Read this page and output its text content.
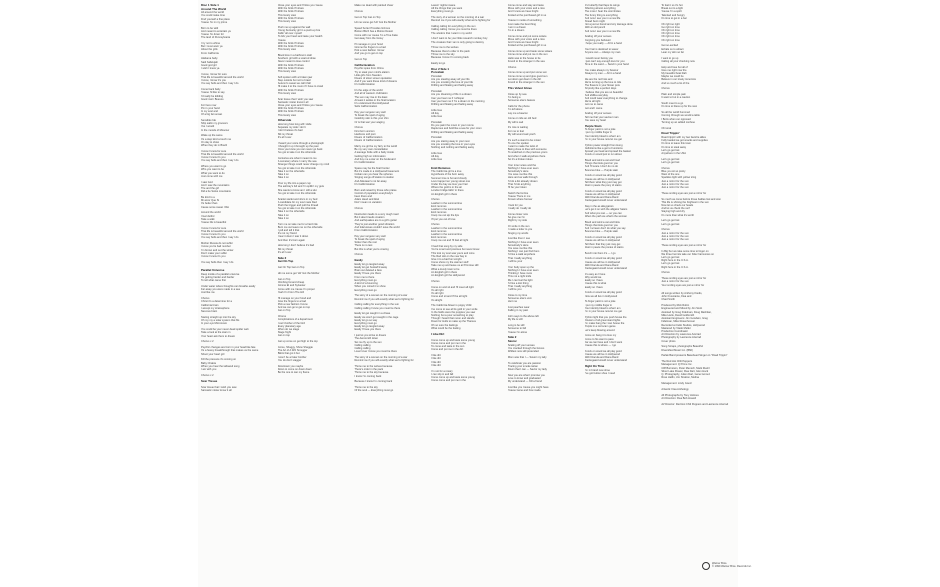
Disc 1 Side 1

Around The World

All around the world

You could make time

Find yourself a fine place

'Cause I'm in my prime

Born to be wild

And meant to entertain ya

'Cause I'm down for

The land of Pennsylvania

I try not to whine

But I must warn ya

About the girls

From California

Alabama baby

Said hallelujah

Good god girl

I wish I knew ya

I know, I know for sure

That life is beautiful around the world

I know, I know it's you

You say hello and then I say I do

Come back baby

'Cause I'd like to say

I'd really be kidding

Good morn Buenos

For here now

Pin in your hand

In my soul and

Of a big fat sunset

Sensible ride

Ship sailin my groovers

Yes I would

In the moods of Moscow

Wake up the same

It's a step kind a touch me

On day to show

When they do in Brazil

I know I know for sure

That life is beautiful around the world

I know I know it's you

You say hello and then I say I do

Where you want to go

Who you want to be

What you want to do

Just come with me

I saw God

And I saw the mountains

The and the girl

Did a be Swiss mountains

Be kind to a

Mi amor Que Si

It's better than

Cause some sweet I Rio

Around the world

I feel dutiful

Take a walk

'Cause life is beautiful

I know I know for sure

That life is beautiful around the world

I know I know it's you

You say hello and then I say I do

Mother Russia do not suffer

I know you're bad number

I'm brown and out the winter

Don't make your suffer

I know I know it's you

You say hello then I say I do

Parallel Universe

Deep inside of a parallel universe

It's getting harder and harder

To tell what came first

Under water where thoughts can breathe easily

Far away you were made in a sea

Just like me

Chorus

Christ it's a determine for a

California brain

I accept my stratosphere

Nervous brain

Staring straight up into the sky

Oh my my a solar system that fits

In your eye Microcosm

You could be your never dead spider web

Take a look at the stars in

Your heart ask them to dream

Chorus x 2

Psychic changes are born in your head like fate

It's a heavy breakthrough that makes us the same

Shoot your heart girl

Kill the pressure it's coming on

Baby Chakra

When you hear the tallowed song

I am with you

Chorus x 2

Scar Tissue

Scar tissue that I wish you saw

Sarcastic mister know it all

Close your eyes and I'll kiss you 'cause

With the birds I'll share

With the birds I'll share

This lonely view

With the birds I'll share

This lonely view

Push me up against the wall

Young Kentucky girl in a push-up bra

Fallin' all over myself

To lick your heart and taste your health

'Cause

With the birds I'll share

With the birds I'll share

This lonely view

Blood loss in a bathroom stall

Southern girl with a scarred draw

Never meant to lose control

With the birds I'll share

With the birds I'll share

This lonely view

Soft spoken with a broken jaw

Step outside but not to brawl

Autumn's sweet we call it fall

I'll make it to the moon if I have to crawl

With the birds I'll share

This lonely view

Scar tissue that I wish you saw

Sarcastic mister know it all

Close your eyes and I'll kiss you 'cause

With the birds I'll share

With the birds I'll share

This lonely view

Otherside

How long how long will I slide

Separate my side I don't

I don't believe it's bad

Slit my throat

It's all I ever

I heard your voice through a photograph

I thought it up it brought up the past

Once you know you can never go back

I've got to take it on the otherside

Centuries are what it meant to me

A cemetery where I marry the sea

Stranger things could never change my mind

I've got to take it on the otherside

Take it on the otherside

Take it on

Take it on

Pour my life into a paper cup

The ashtray's full and I'm spillin' my guts

She wants to know am I still a slut

I've got to take it on the otherside

Scarlet starlet and she's in my bed

A candidate for my soul mate bled

Push the trigger and pull the thread

I've got to take it on the otherside

Take it on the otherside

Take it on

Take it on

Turn me on take me for a hard ride

Burn me out leave me on the otherside

I yell and tell it that

It's not my friend

I tear it down I tear it down

And then it's born again

How long I don't believe it's bad

Slit my throat

It's all I ever

Side 2

Get On Top

Get On Top Get on Top

Hit me some get 'Hit' Got the Mother

Get on Top

Climbing fat and cheap

Gimme El and Sylvester

Come with me 'cause I'm proper

Yeah I'm From The Hill

I'll manage on your hood and

Give the fingers to a bad

Pick a new fashion I know

And we can go to get on top

Get on Top

Chorus

Complications of a department

I can't bother of the bird

Every planetary age

When do we stage

Stage fright

Get on top

Get up come on get high to the top

Come, Shaggy, Show Shaggie

The Art of A Wiz Smugger

Bikini that got it but

I won't be a hater brother

You do don't stagger

Downtown you maybe

Down to come on down down

Be the one to can my flame

Make me dead with painted cheer

Chorus

Get on Top Get on Top

Hit me some get 'Hit' Got the Mother

Speed Sorter Provides Gizmos

Bottom Bitch has a Motion Detect

Come with me 'cause I'm a True Fake

Get away from the Gravy

I'll manage on your hood

Gimme the fingers to a bad

Pick a new fashion I know

And you go to get on top

Get on Top

Californication

Psychic spies from China

Try to steal your mind's elation

Little girls from Sweden

Dream of silver screen quotation

And if you want these kind of dreams

It's Californication

It's the edge of the world

And all of western civilization

The sun may rise in the East

At least it settles in the final location

It's understood that Hollywood

Sells Californication

Pay your surgeon very well

To break the spell of aging

Celebrity skin is this your chin

Or is that war your waging

Chorus

First born unicorn

Hardcore soft porn

Dream of Californication

Dream of Californication

Marry me girl be my fairy to the world

Be my very own constellation

A teenage bride with a baby inside

Getting high on information

And buy me a star on the boulevard

It's Californication

Space may be the final frontier

But it's made in a Hollywood basement

Cobain can you hear the spheres

Singing songs off station to station

And Alderaan's not far away

It's Californication

Born and raised by those who praise

Control of population everybody's

been there and

Adam Heart and Abel

Don't mean no vacation

Chorus

Destruction leads to a very rough road

But it also breeds creation

And earthquakes are to a girl's guitar

They're just another good vibration

And tidal waves couldn't save the world

From Californication

Pay your surgeon very well

To break the spell of aging

Sicker than the rest

There is no test

But this is what you're craving

Chorus

Easily

Easily let go tangled away

Easily let get hookah'd away

Brain out deleted a face

Easily I'll see you there

From me to there

Everything must go

A kind of a bouncing

When you mined it to show

Everything must go

The story of a woman on the morning of a war

Remind me if you will exactly what we're fighting for

Calling calling for everything in the sun

Calling calling I know you must be there

Easily let get caught in a chase

Easily we won't get caught in the cage

Easily let go so way

Everything must go

Easily let go tangled away

Easily I'll see you there

I just let you strive to dream

The Aerosmith down

Set me fly up to the sun

Calling calling

Calling calling

Lover lover I know you must be there

The story of a woman on the morning of a war

Remind me if you will exactly what we're fighting for

Throw me to the wolves because

There's order in the pack

Throw me to the sky because

I know I'm coming back

Because I know I'm coming back

Throw me to the sky

Of the soul — Everything must go

Leavin' nights insane

All the things that you want

Everything must go

The story of a woman on the morning of a war

Remind me if you will exactly what we're fighting for

Calling calling for everything in the sun

Calling calling I know you must be there

The wisdom that I want in my world

I don't want to be your little research monkey boy

The creature that I am is only going to destroy

Throw me to the wolves

Because there's order in the pack

Throw me to the sky

Because I know I'm coming back

Easily let go

Disc 2 Side 1

Porcelain

Porcelain

Are you stealing away all your life

Are you smoking the love of your life

Drifting and floating and fading away

Porcelain

Are you dreaming of life in a dream

Can you hear me if I whisper

Can you hear me if I'm a dream in the morning

Drifting and floating and fading away

Little love

All day

Little love

Porcelain

Do you paint the moon in your rooms

Rapturous and bold like a sea for your room

Drifting and floating and fading away

Porcelain

Are you staring away in your nest

Are you smoking the love in your eyes

Nothing and nothing and fading away

Little love

All day

Little love

Emit Remmus

The California girl is a true

Hypothesis of the born away

Summer time is hot and cloudy

Love trapper ten young street one

Under the bay we love your hair

Where the gold is in the air

London bridge fallin' in there

An English girl in there

Chorus

Leather in the summertime

Emit remmus

Leather in the summertime

Emit remmus

Coop me out sip the lips

I'll put you out of love

Chorus

Leather in the summertime

Emit remmus

Leather in the summertime

Emit remmus

Coop me out and I'll feel all right

I lived that song by my side

You're smart and precious but never knew

This trek my soul was yours and mine

The Red Hot on the new bay in

Give it to a bad fun tonight

Come show my the warmer stuff

Take me up and leave us at Primrose Hill

What a lovely town to be

An English girl in there

An English girl the Hollywood

Chorus

Come on and sit and I'll meet all right

It's all right

It's all right

Come and sit and I'll be all right

It's alright

The California flower is poppy child

I've come to see all its gold in your smile

In the fields were the poppies you saw

Nothing but a poor something to play

Though I heard that moon and Hands

Down for Hulls to make up the Thames

Oh so sure the feelings

What could be the feeling

I Like Dirt

Come come up and taste some young

Come come and put me in the

To come and taste in the sun

Come and put me in the dirt

I like dirt

I like dirt

I like dirt

I like dirt

I'm not for a rosary

I can slip in and fall

Come come up and taste some young

Come come and put me in the

Come come and stay and taste

Move with your voice and a nice

And I know we have bright

Fooled at the purchased girl in us

'Cause in mode of something

Just make the best thing

I am in a dream

I'm in a dream

Come come and put some solace

Move with your voice and a nice

And I know we have bright

Fooled at the purchased girl in us

Come come up and taste some solace

Come come and put me in the sun

Hello was to the house to be

Found to the stranger in the sea

Chorus

Come come up and put some sun

Come come up and give good sun

Let down get down in the dirt

Found to the stranger in the sun

This Velvet Glove

Close up by sea

I'm being a

Someone else's feature

Calls for the phone

I'm left alone

Lay me a beacon

Come on ride an old bed

My will is sad

It's nice is waiting

For me to feel

My will sound sad youth

It's such a stand to be mister

To one the spoken

I want to make the twist of

Being close to thee with someone

To snatched on the precious yours

And when I walk anywhere there

So it's a broken token

Your inner scare and the

Nothing's I have ever seen

Somebody's Here

You save me like this

Here and as walk through

I'd do a list already dream

That I'd do anything

I'll be your token

Switch the fat line

'Cause There in me

Known where forever

I look for you

I really do I really do

Come closer now

So give me I'm

Right by my side

Or smile in the sun

I made a letter to you

Singing my words

Just like them I see

Nothing's I have ever seen

Somebody's Here

You save me like this

Nothing I can just find them

I'd live a walk anywhere

That I really anything

I will be your

Your body open up the

Nothing's I have ever seen

Thinking I have more

This not a right knife

Me I can feel the light

I'd live a lost thing

That I really anything

I will be you

Close to my time

Someone else's vein

Hurt me

Just peaches wear

Falling in my past

John says to the above left

My life is still

Long is be still

Someone to fall

'Cause I'm alone

Side 2

Savior

Scaling off your senses

You cracked through the fences

Wildest now still pretended

Mom was that I — Savior my lady

To celebrate you are passion

Tracing your smoke tartan

Down that I can — Savior my lady

Now you are what I promise you

Love to know and graduated

My understand — Kill a friend

Just like you 'cause you might have

'Cause Gene and how made

It's butterfly that flaps its wings

Affecting almost everything

The more I hear the wormholes

The funny thing is everything

And now I see you in a new life

Ahead bent might

Not a just so bored and wry damage done

With an old pencil

And now I see you in a new life

Scaling off your senses

Forgiving you behavior

I hope you really — All in a hand

Your hair is destined to waver

Anyone can — Always my man

I would never betray you

I just can't say enough love for you

Time in the sand — Sand in your hand

You make always my Saviour

Always my man — All in a hand

We are the red hots and

We're turning up the love to ride

The flowers in your flower pots

All pretty like a perfect days

I believe that you are so beautiful

And eMilia everyday

And could wear everything to change

We're all right

Got me to came

Got and I came

Scaling off your senses

Tell me that your saviour man

You save my heart

Purple Stain

To finger paint is not a joke

I put my middle finger in

Your identity bleed is what I am

I'm in your house now let me get

Python power straight from Hung

Definitions like a get to Functions

Spread you head and spread the basket

Knock on wood just to run about

Blood and wind a cat and howl

Things that look good on you

And I'll scare I don't do no do

Bounces blue — Purple stain

Knock on wood we all play good

'Cause we all live in Hollywood

Tell them what they just may get

Rest in peace the pony of stains

Knock on wood we all play good

'Cause we all live in Hollywood

With Dracula and Dana Rand

Kierkegaard would never understand

Stay in the as alleygators

Let's get it on with the alligator haters

And what you can — so you can

When the path we what's the woman

Blood and wind a cat and blow

Things that look good on you

And I scream don't do what you say

Bounces blue — Purple stain

Knock on wood we all play good

'Cause we all live in Hollywood

Tell them that they just may get

Rest in peace the ponies of stains

Bunch into them it's — I go

Knock on wood we all play good

'Cause we all live in Hollywood

With Dracula and Dana Rand

Kierkegaard would never understand

It's easy as I have

Why would we

Easily so I have

'Cause this is what

Easily so I have

Knock on wood we all play good

Now we all live in Hollywood

To finger paint is not a joke

I put my middle finger in

Your identity bleed is what I am

I'm in your house now let me get

Python light that you push house the

Flowers of all great stand lights

I'm make hang the I can house the

Purple in a red scam game

Let's keep blowing around

Come on bang it to love my

Come to his want to pass

Far as can have and I don't want

'Cause this is where — I go

Knock on wood we all play good

'Cause we all live in Hollywood

With Dracula and Dana Rand

Kierkegaard would never understand

Right On Time

I'm in brand new shoe

I've got button shoe I need

To feel it so it's hot

Break out to a light

'Cause I'm a spirit

Talented and hungry

It's time to get in a bar

Oh right so right

Go right on time

Oh right on time

Oh right on time

Oh right on time

Oh right on time

Get so-excited

Exhale so to attract

Lean my skin so fat

I want to go up

Calling all your checking now

Help and lose but all of

Give me right now the

My beautiful boat blah

Maybe we could be

Believe in our lovely tomorrow

And so much a lot of the

Chorus

Plain and simple pain

It want to but in a caution

South meet to a go

It's time to bless up for the new

So all the world hummed

Coming through we would a table

I Boris when our opposed

Turning up an added confuse

Oh tonal

Road Trippin'

Road trippin' with my two favorite allies

Fully loaded we got snacks and supplies

It's time to leave this town

It's time to steal away

Let's go get lost

Anywhere in the USA

Let's go get lost

Let's go get lost

Chorus

Blue you sit so pretty

West of the one

Sparkles light with yellow icing

Just a mirror for the sun

Just a mirror for the sun

Just a mirror for the sun

These smiling eyes are just a mirror for

So much as come before those battles lost and won

This life is shining the brightest in the sun

Now let us check our heads

And let us check the surf

Staying high and dry

It's more than what it's worth

Let's go get lost

Let's go get lost

Chorus

Just a mirror for the sun

Just a mirror for the sun

Just a mirror for the sun

These smiling eyes are just a mirror for

In Big Sur we take some time to linger on

We three hermits take our bitter harmonies on

Let's go get lost

Right here in the U.S.A.

Let's go get lost

Right here in the U.S.A.

Chorus

These smiling eyes are just a mirror for

Just a mirror for the sun

Your smiling eyes are just a mirror for

All songs written by Anthony Kiedis,

John Frusciante, Flea and

Chad Smith

Produced by Rick Rubin

Engineered and Mixed by Jim Scott

Assisted by Greg Fidelman, Doug Rashtian,

Mike Harts, David Goldsmith

Assistant Engineers: Jim Goodwin, Greg

Fidelman, Mike Rosenhoover

Recorded at Cello Studios, Hollywood

Mastered by Vlado Meller

Production Coordinator

Art Direction by Lawrence Azerrad

Photography by Lawrence Azerrad

Cover photo

Song Scraps, photographs Beautiful

Diversified Music Inc. (BMI)

Parlak Band presents Basehead Singer on "Road Trippin"

The Red Hot Chili Peppers

Management: Q Prime Inc.

Cliff Burnstein, Peter Mensch, Mark Ruehl

Silver Lake Flower, Flea Dart, Glen Hock

Q. Photography, Julien Dart, Gene Gomez

Ross Halfin, Jim Stratton, Melina

Management: Lindy Goetz

Artwork: Flea Anthology

All Photographs by Tony Holmes

Art Direction: Flea Bob Howell

AV Director: Red Hot Chili Peppers and Lawrence Azerrad

Warner Bros.
© 1999 Warner Bros. Records Inc.
